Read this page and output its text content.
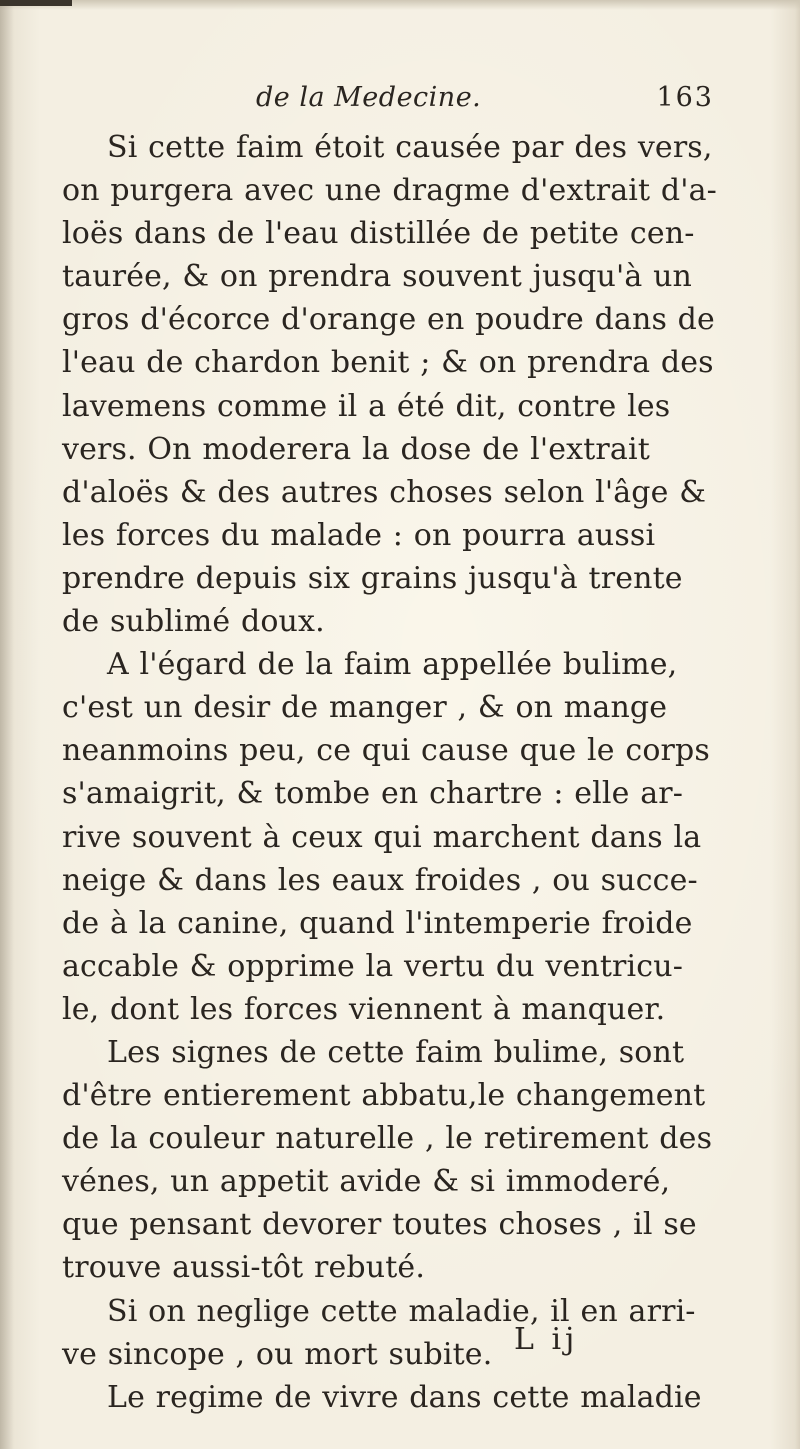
de la Medecine.	163
Si cette faim étoit causée par des vers,
on purgera avec une dragme d'extrait d'a-
loës dans de l'eau distillée de petite cen-
taurée, & on prendra souvent jusqu'à un
gros d'écorce d'orange en poudre dans de
l'eau de chardon benit ; & on prendra des
lavemens comme il a été dit, contre les
vers. On moderera la dose de l'extrait
d'aloës & des autres choses selon l'âge &
les forces du malade : on pourra aussi
prendre depuis six grains jusqu'à trente
de sublimé doux.
A l'égard de la faim appellée bulime,
c'est un desir de manger , & on mange
neanmoins peu, ce qui cause que le corps
s'amaigrit, & tombe en chartre : elle ar-
rive souvent à ceux qui marchent dans la
neige & dans les eaux froides , ou succe-
de à la canine, quand l'intemperie froide
accable & opprime la vertu du ventricu-
le, dont les forces viennent à manquer.
Les signes de cette faim bulime, sont
d'être entierement abbatu,le changement
de la couleur naturelle , le retirement des
vénes, un appetit avide & si immoderé,
que pensant devorer toutes choses , il se
trouve aussi-tôt rebuté.
Si on neglige cette maladie, il en arri-
ve sincope , ou mort subite.
Le regime de vivre dans cette maladie
L ij
